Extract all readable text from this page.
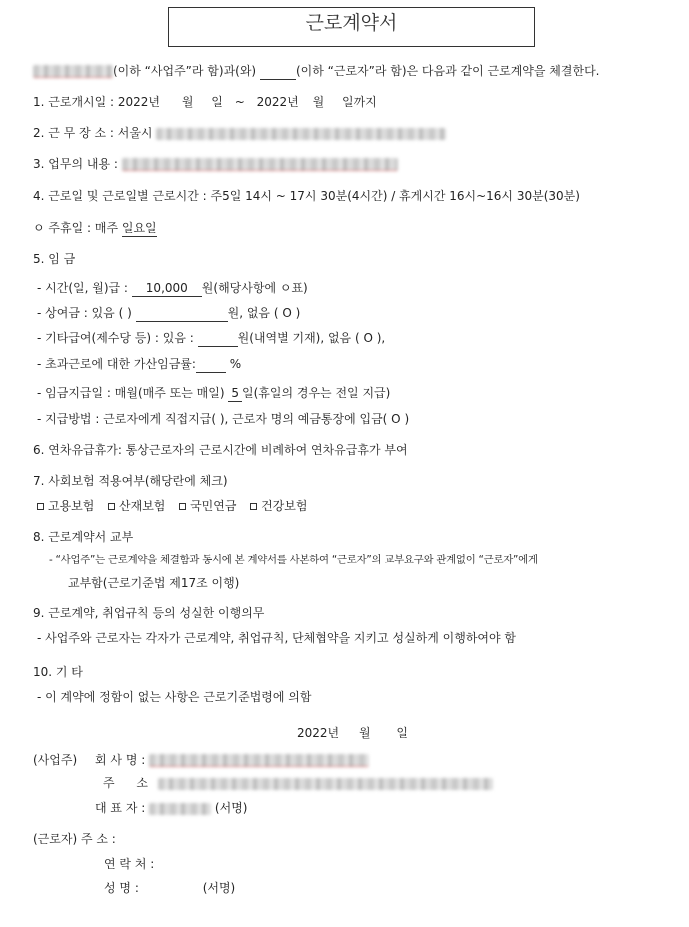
근로계약서
(이하 “사업주”라 함)과(와)	(이하 “근로자”라 함)은 다음과 같이 근로계약을 체결한다.
1. 근로개시일 : 2022년 월 일 ~ 2022년 월 일까지
2. 근 무 장 소 : 서울시
3. 업무의 내용 :
4. 근로일 및 근로일별 근로시간 : 주5일 14시 ~ 17시 30분(4시간) / 휴게시간 16시~16시 30분(30분)
ㅇ 주휴일 : 매주 일요일
5. 임 금
- 시간(일, 월)급 : 10,000 원(해당사항에 ㅇ표)
- 상여금 : 있음 ( )	원, 없음 ( O )
- 기타급여(제수당 등) : 있음 :	원(내역별 기재), 없음 ( O ),
- 초과근로에 대한 가산임금률:	%
- 임금지급일 : 매월(매주 또는 매일) 5 일(휴일의 경우는 전일 지급)
- 지급방법 : 근로자에게 직접지급( ), 근로자 명의 예금통장에 입금( O )
6. 연차유급휴가: 통상근로자의 근로시간에 비례하여 연차유급휴가 부여
7. 사회보험 적용여부(해당란에 체크)
고용보험 산재보험 국민연금 건강보험
8. 근로계약서 교부
- “사업주”는 근로계약을 체결함과 동시에 본 계약서를 사본하여 “근로자”의 교부요구와 관계없이 “근로자”에게
교부함(근로기준법 제17조 이행)
9. 근로계약, 취업규칙 등의 성실한 이행의무
- 사업주와 근로자는 각자가 근로계약, 취업규칙, 단체협약을 지키고 성실하게 이행하여야 함
10. 기 타
- 이 계약에 정함이 없는 사항은 근로기준법령에 의함
2022년 월 일
(사업주) 회 사 명 :
주 소
대 표 자 :	(서명)
(근로자) 주 소 :
연 락 처 :
성 명 :	(서명)
